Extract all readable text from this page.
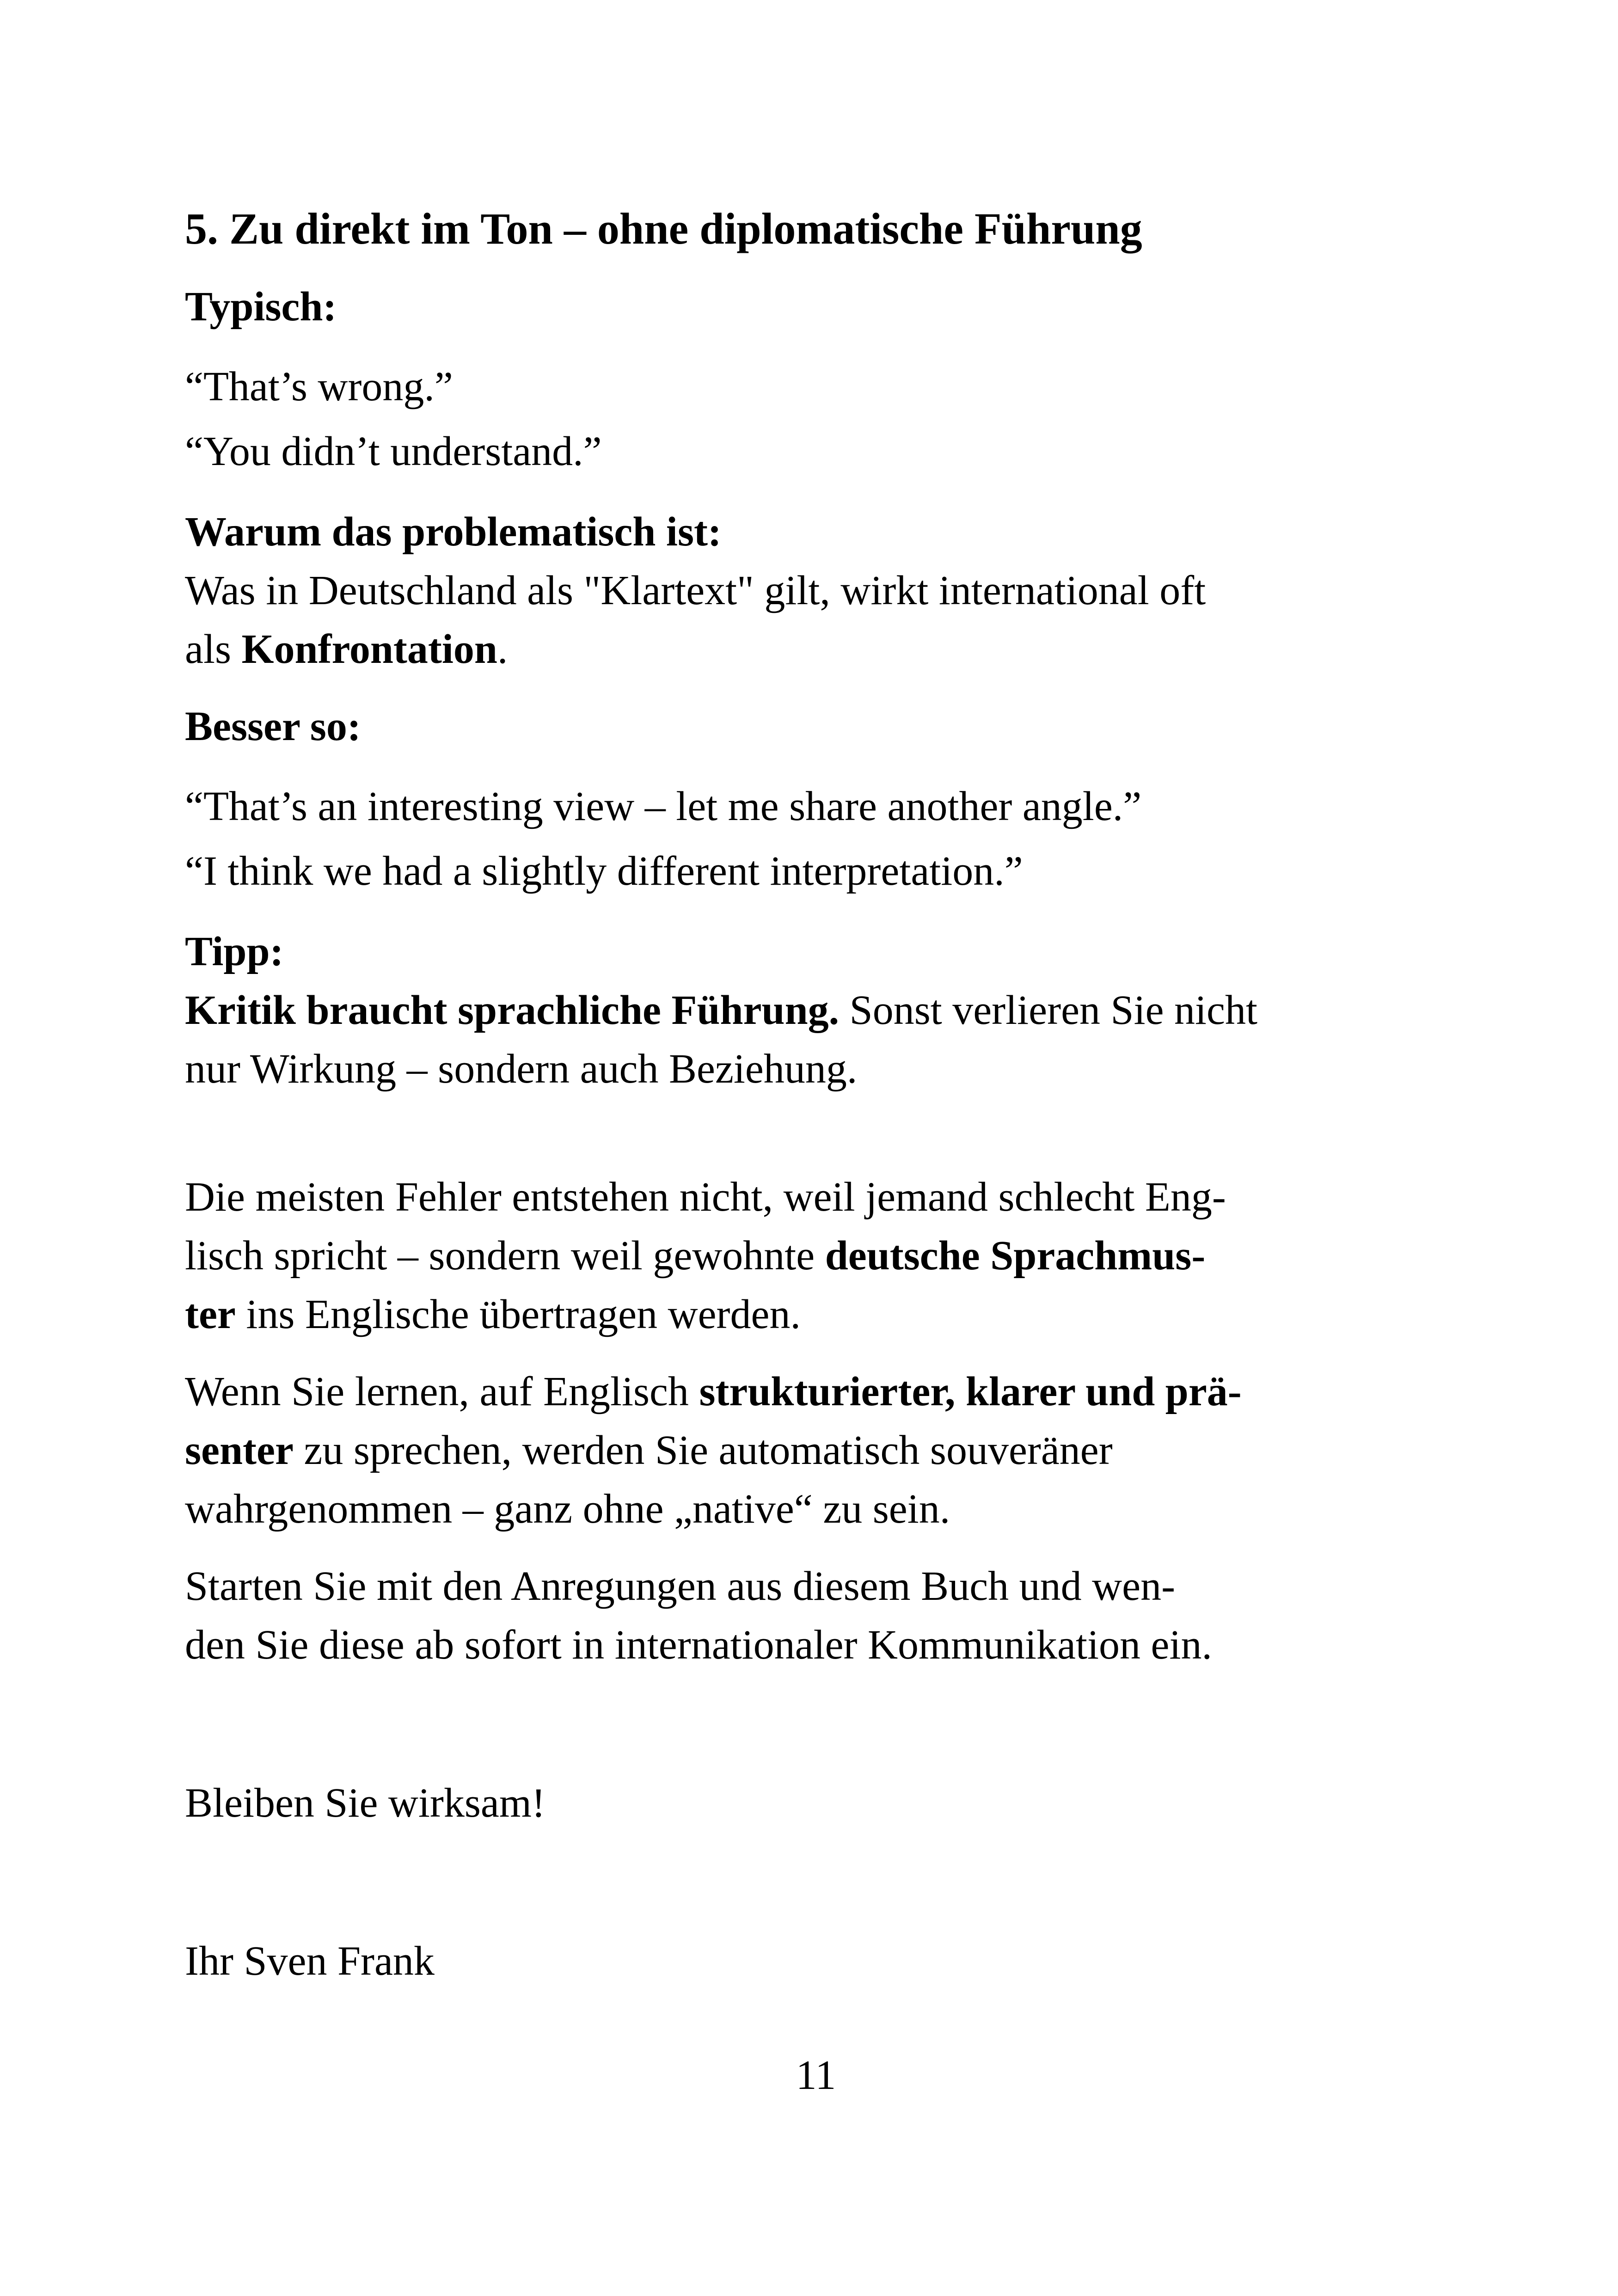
5. Zu direkt im Ton – ohne diplomatische Führung

Typisch:

“That’s wrong.”
“You didn’t understand.”

Warum das problematisch ist:
Was in Deutschland als "Klartext" gilt, wirkt international oft
als Konfrontation.

Besser so:

“That’s an interesting view – let me share another angle.”
“I think we had a slightly different interpretation.”

Tipp:
Kritik braucht sprachliche Führung. Sonst verlieren Sie nicht
nur Wirkung – sondern auch Beziehung.

Die meisten Fehler entstehen nicht, weil jemand schlecht Eng-
lisch spricht – sondern weil gewohnte deutsche Sprachmus-
ter ins Englische übertragen werden.

Wenn Sie lernen, auf Englisch strukturierter, klarer und prä-
senter zu sprechen, werden Sie automatisch souveräner
wahrgenommen – ganz ohne „native“ zu sein.

Starten Sie mit den Anregungen aus diesem Buch und wen-
den Sie diese ab sofort in internationaler Kommunikation ein.

Bleiben Sie wirksam!

Ihr Sven Frank

11
